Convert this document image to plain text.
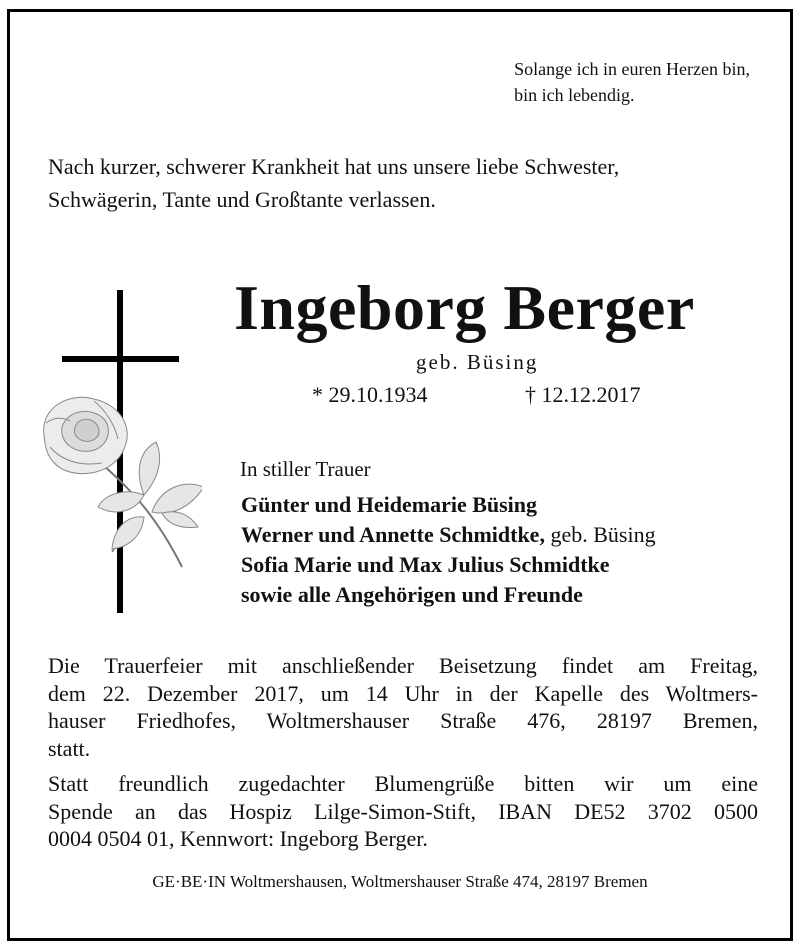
Solange ich in euren Herzen bin,
bin ich lebendig.
Nach kurzer, schwerer Krankheit hat uns unsere liebe Schwester,
Schwägerin, Tante und Großtante verlassen.
Ingeborg Berger
geb. Büsing
* 29.10.1934	† 12.12.2017
In stiller Trauer
Günter und Heidemarie Büsing
Werner und Annette Schmidtke, geb. Büsing
Sofia Marie und Max Julius Schmidtke
sowie alle Angehörigen und Freunde
Die Trauerfeier mit anschließender Beisetzung findet am Freitag,
dem 22. Dezember 2017, um 14 Uhr in der Kapelle des Woltmers-
hauser Friedhofes, Woltmershauser Straße 476, 28197 Bremen,
statt.
Statt freundlich zugedachter Blumengrüße bitten wir um eine
Spende an das Hospiz Lilge-Simon-Stift, IBAN DE52 3702 0500
0004 0504 01, Kennwort: Ingeborg Berger.
GE·BE·IN Woltmershausen, Woltmershauser Straße 474, 28197 Bremen
